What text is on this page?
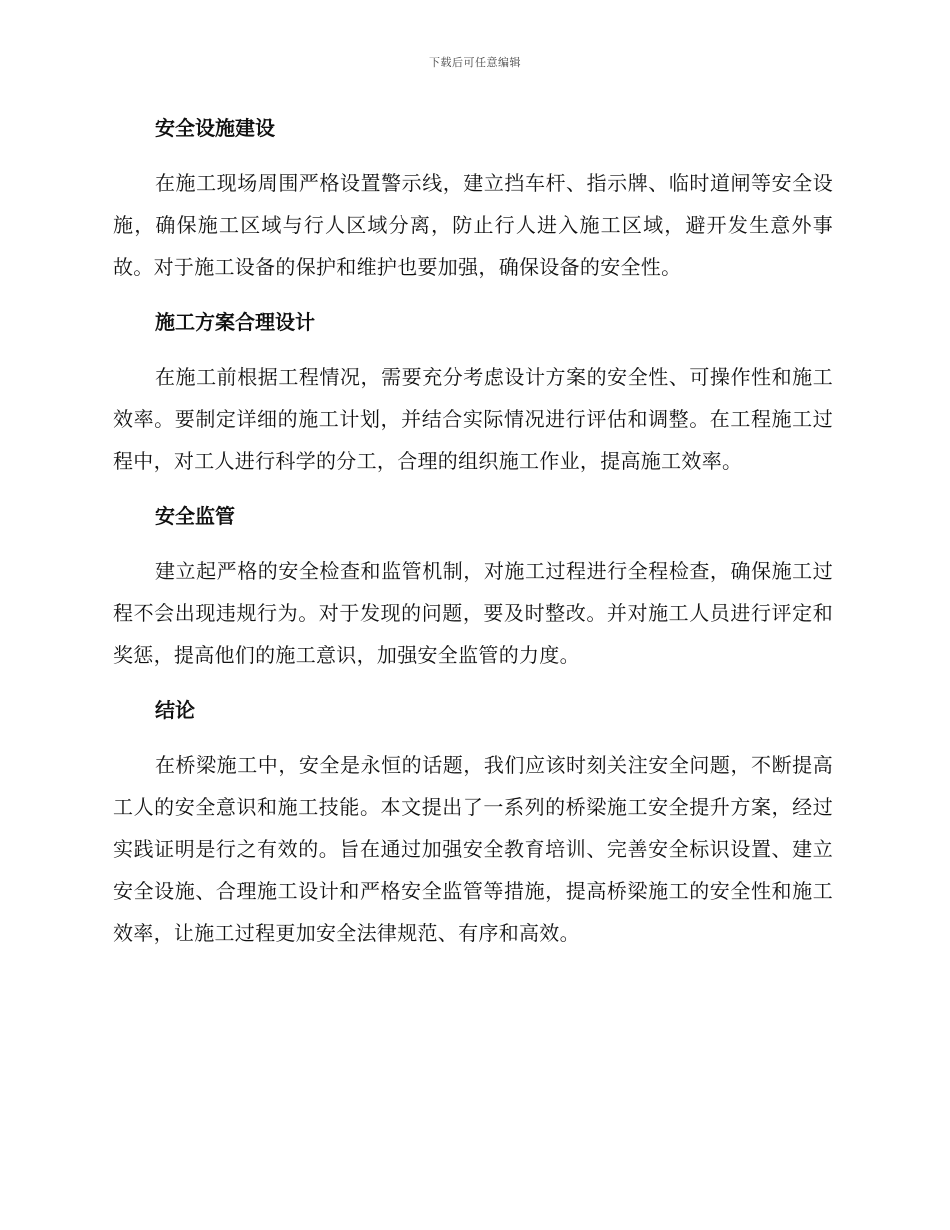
下载后可任意编辑
安全设施建设

在施工现场周围严格设置警示线，建立挡车杆、指示牌、临时道闸等安全设施，确保施工区域与行人区域分离，防止行人进入施工区域，避开发生意外事故。对于施工设备的保护和维护也要加强，确保设备的安全性。

施工方案合理设计

在施工前根据工程情况，需要充分考虑设计方案的安全性、可操作性和施工效率。要制定详细的施工计划，并结合实际情况进行评估和调整。在工程施工过程中，对工人进行科学的分工，合理的组织施工作业，提高施工效率。

安全监管

建立起严格的安全检查和监管机制，对施工过程进行全程检查，确保施工过程不会出现违规行为。对于发现的问题，要及时整改。并对施工人员进行评定和奖惩，提高他们的施工意识，加强安全监管的力度。

结论

在桥梁施工中，安全是永恒的话题，我们应该时刻关注安全问题，不断提高工人的安全意识和施工技能。本文提出了一系列的桥梁施工安全提升方案，经过实践证明是行之有效的。旨在通过加强安全教育培训、完善安全标识设置、建立安全设施、合理施工设计和严格安全监管等措施，提高桥梁施工的安全性和施工效率，让施工过程更加安全法律规范、有序和高效。
